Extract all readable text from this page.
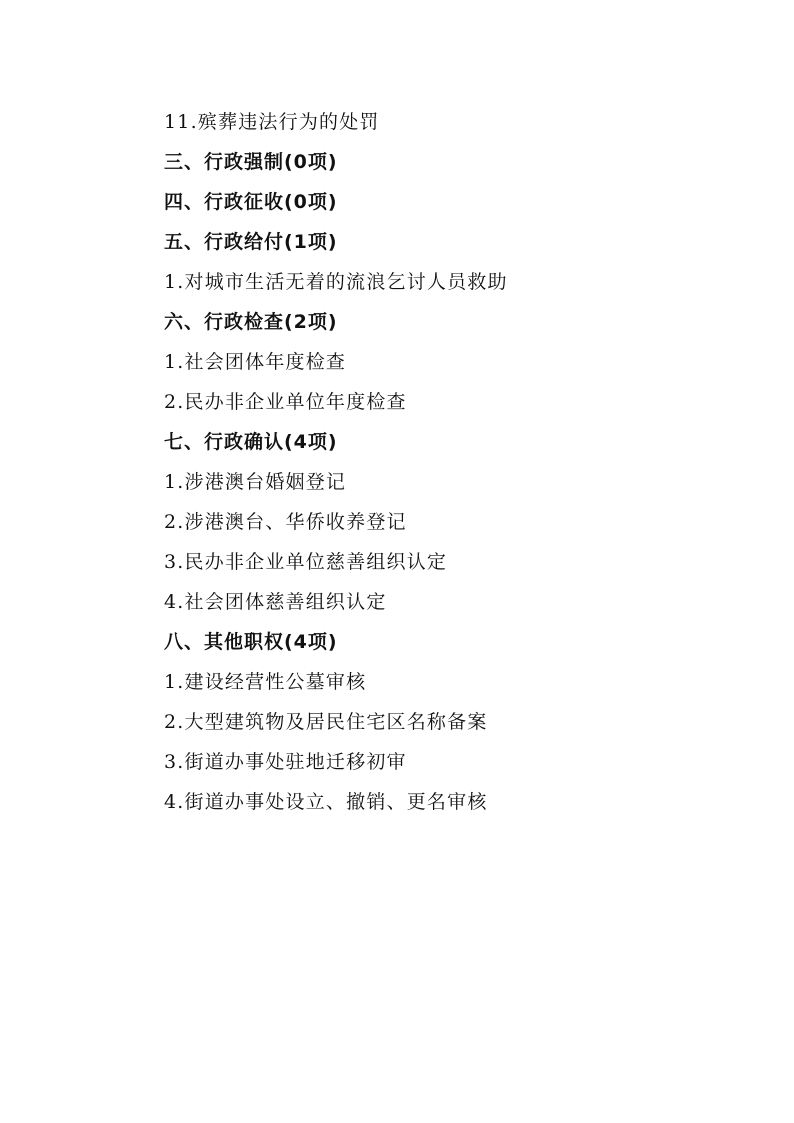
11.殡葬违法行为的处罚
三、行政强制(0项)
四、行政征收(0项)
五、行政给付(1项)
1.对城市生活无着的流浪乞讨人员救助
六、行政检查(2项)
1.社会团体年度检查
2.民办非企业单位年度检查
七、行政确认(4项)
1.涉港澳台婚姻登记
2.涉港澳台、华侨收养登记
3.民办非企业单位慈善组织认定
4.社会团体慈善组织认定
八、其他职权(4项)
1.建设经营性公墓审核
2.大型建筑物及居民住宅区名称备案
3.街道办事处驻地迁移初审
4.街道办事处设立、撤销、更名审核
